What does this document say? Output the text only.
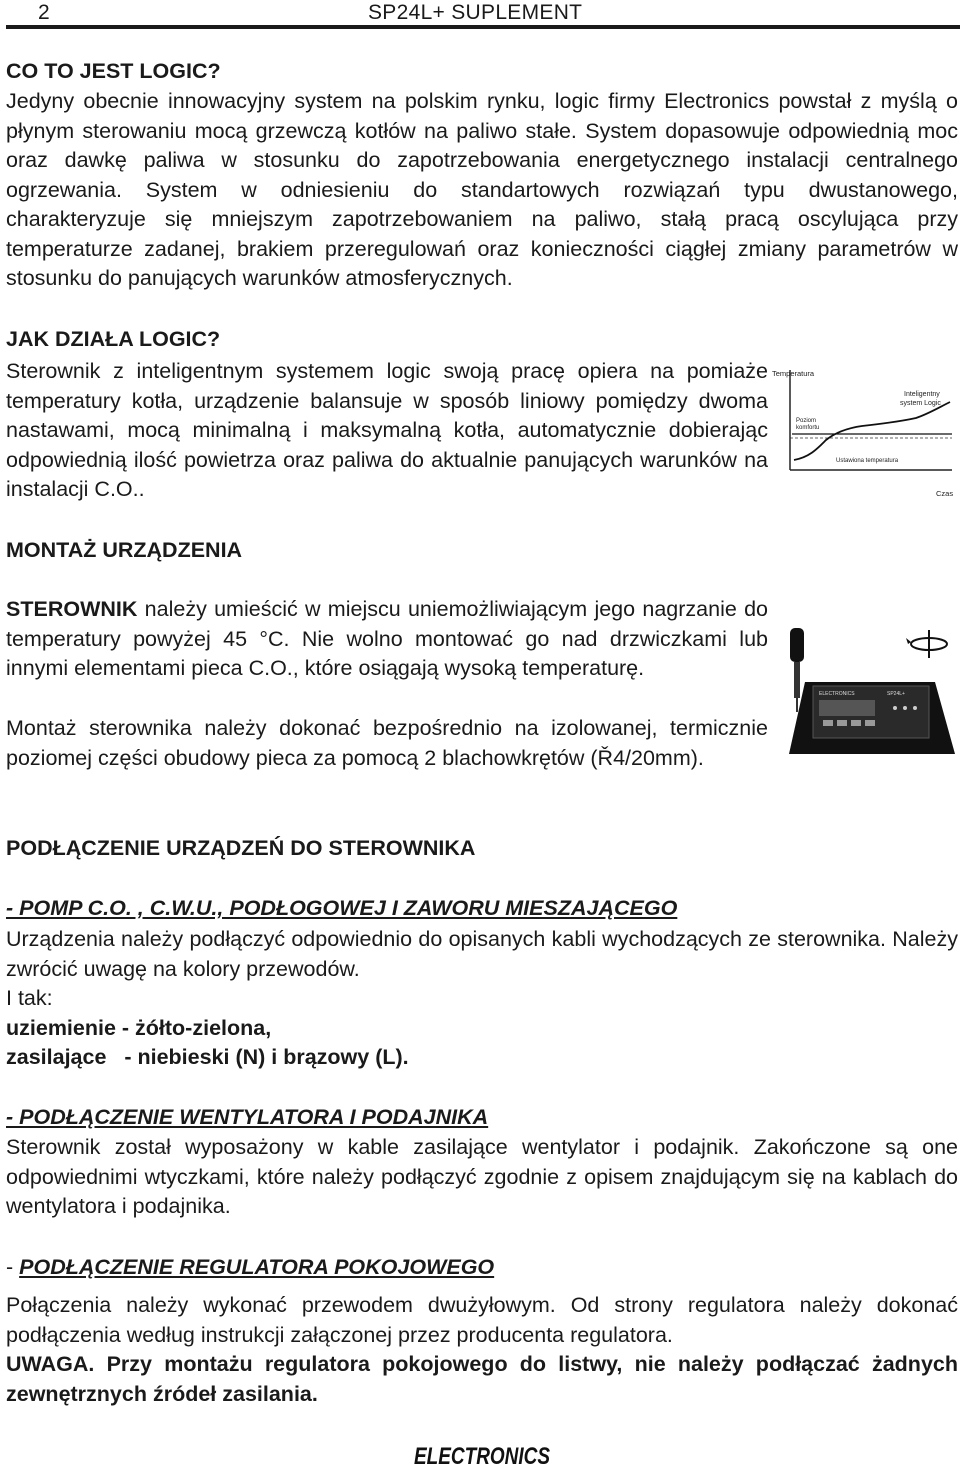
2	SP24L+ SUPLEMENT

CO TO JEST LOGIC?

Jedyny obecnie innowacyjny system na polskim rynku, logic firmy Electronics powstał z myślą o płynym sterowaniu mocą grzewczą kotłów na paliwo stałe. System dopasowuje odpowiednią moc oraz dawkę paliwa w stosunku do zapotrzebowania energetycznego instalacji centralnego ogrzewania. System w odniesieniu do standartowych rozwiązań typu dwustanowego, charakteryzuje się mniejszym zapotrzebowaniem na paliwo, stałą pracą oscylująca przy temperaturze zadanej, brakiem przeregulowań oraz konieczności ciągłej zmiany parametrów w stosunku do panujących warunków atmosferycznych.

JAK DZIAŁA LOGIC?

Sterownik z inteligentnym systemem logic swoją pracę opiera na pomiaże temperatury kotła, urządzenie balansuje w sposób liniowy pomiędzy dwoma nastawami, mocą minimalną i maksymalną kotła, automatycznie dobierając odpowiednią ilość powietrza oraz paliwa do aktualnie panujących warunków na instalacji C.O..

Temperatura
Czas
Inteligentny
system Logic
Poziom
komfortu
Ustawiona temperatura

MONTAŻ URZĄDZENIA

STEROWNIK należy umieścić w miejscu uniemożliwiającym jego nagrzanie do temperatury powyżej 45 °C. Nie wolno montować go nad drzwiczkami lub innymi elementami pieca C.O., które osiągają wysoką temperaturę.

Montaż sterownika należy dokonać bezpośrednio na izolowanej, termicznie poziomej części obudowy pieca za pomocą 2 blachowkrętów (Ř4/20mm).

ELECTRONICS	SP24L+

PODŁĄCZENIE URZĄDZEŃ DO STEROWNIKA

- POMP C.O. , C.W.U., PODŁOGOWEJ I ZAWORU MIESZAJĄCEGO

Urządzenia należy podłączyć odpowiednio do opisanych kabli wychodzących ze sterownika. Należy zwrócić uwagę na kolory przewodów.

I tak:

uziemienie - żółto-zielona,

zasilające   - niebieski (N) i brązowy (L).

- PODŁĄCZENIE WENTYLATORA I PODAJNIKA

Sterownik został wyposażony w kable zasilające wentylator i podajnik. Zakończone są one odpowiednimi wtyczkami, które należy podłączyć zgodnie z opisem znajdującym się na kablach do wentylatora i podajnika.

- PODŁĄCZENIE REGULATORA POKOJOWEGO

Połączenia należy wykonać przewodem dwużyłowym. Od strony regulatora należy dokonać podłączenia według instrukcji załączonej przez producenta regulatora.

UWAGA. Przy montażu regulatora pokojowego do listwy, nie należy podłączać żadnych zewnętrznych źródeł zasilania.

ELECTRONICS
